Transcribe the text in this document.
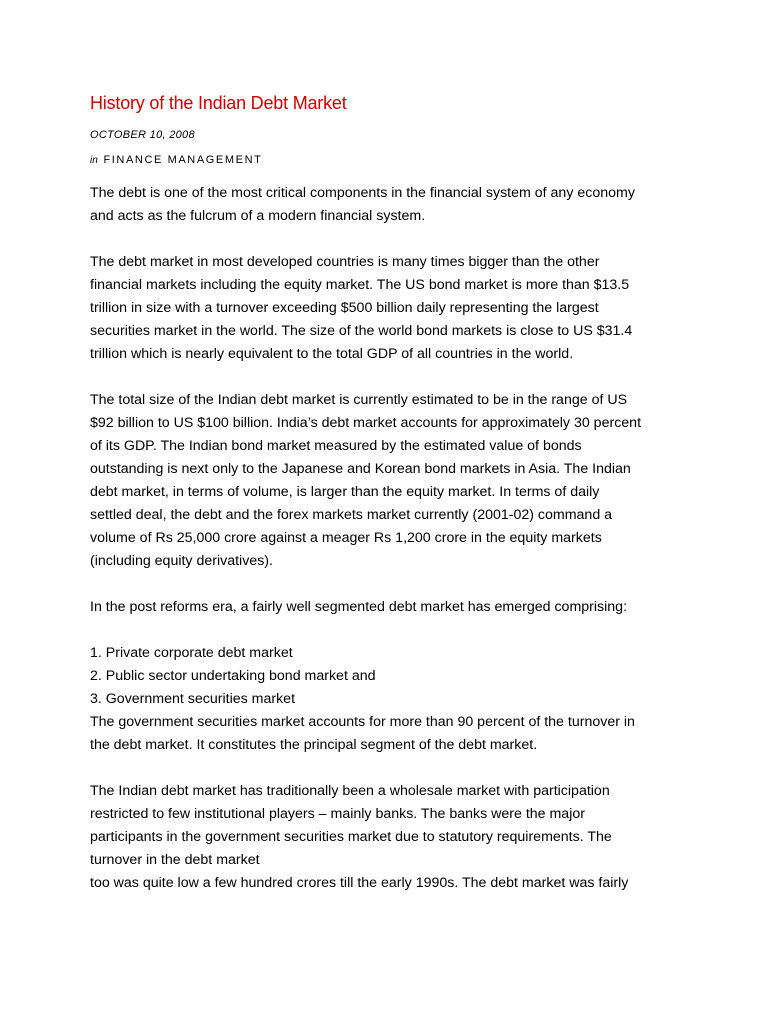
History of the Indian Debt Market
OCTOBER 10, 2008
in FINANCE MANAGEMENT

The debt is one of the most critical components in the financial system of any economy
and acts as the fulcrum of a modern financial system.

The debt market in most developed countries is many times bigger than the other
financial markets including the equity market. The US bond market is more than $13.5
trillion in size with a turnover exceeding $500 billion daily representing the largest
securities market in the world. The size of the world bond markets is close to US $31.4
trillion which is nearly equivalent to the total GDP of all countries in the world.

The total size of the Indian debt market is currently estimated to be in the range of US
$92 billion to US $100 billion. India’s debt market accounts for approximately 30 percent
of its GDP. The Indian bond market measured by the estimated value of bonds
outstanding is next only to the Japanese and Korean bond markets in Asia. The Indian
debt market, in terms of volume, is larger than the equity market. In terms of daily
settled deal, the debt and the forex markets market currently (2001-02) command a
volume of Rs 25,000 crore against a meager Rs 1,200 crore in the equity markets
(including equity derivatives).

In the post reforms era, a fairly well segmented debt market has emerged comprising:

1. Private corporate debt market
2. Public sector undertaking bond market and
3. Government securities market

The government securities market accounts for more than 90 percent of the turnover in
the debt market. It constitutes the principal segment of the debt market.

The Indian debt market has traditionally been a wholesale market with participation
restricted to few institutional players – mainly banks. The banks were the major
participants in the government securities market due to statutory requirements. The
turnover in the debt market
too was quite low a few hundred crores till the early 1990s. The debt market was fairly
